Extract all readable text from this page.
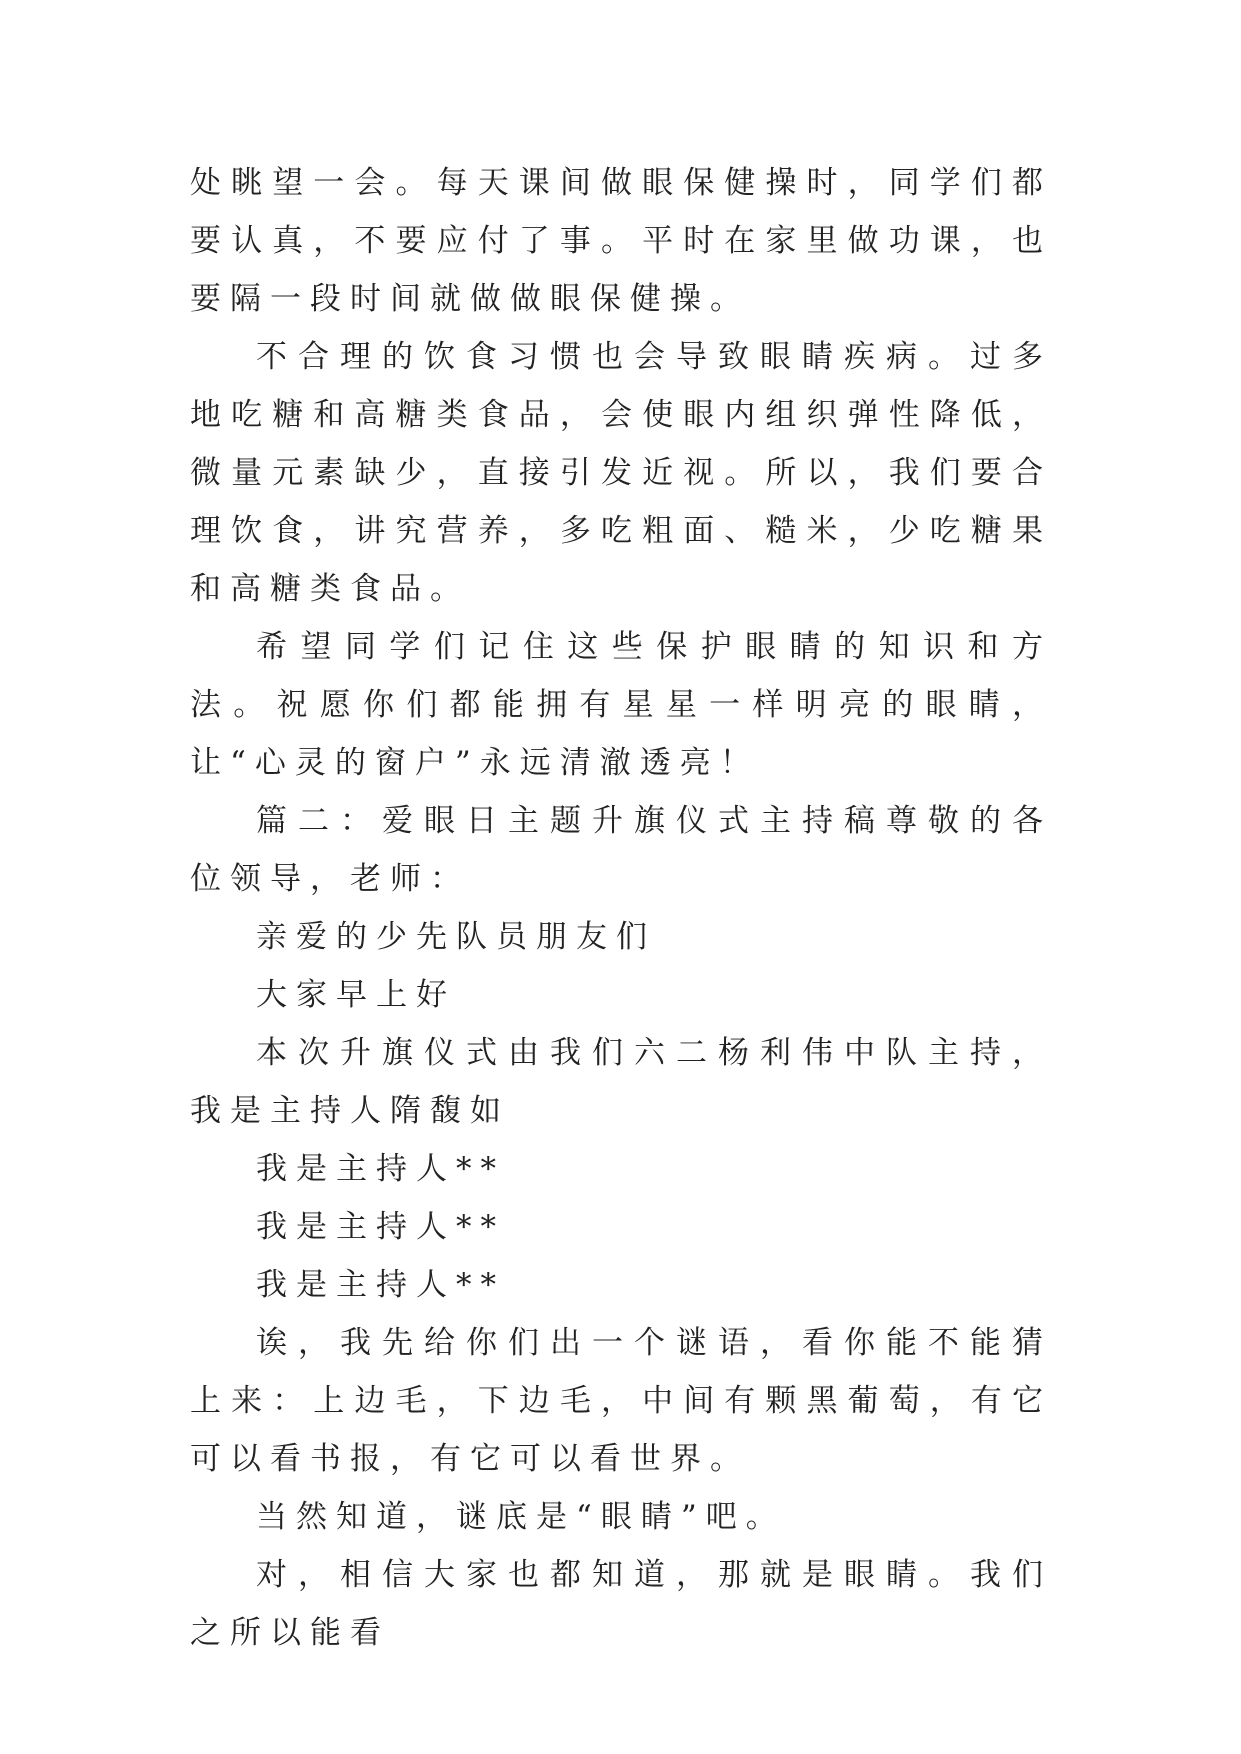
处眺望一会。每天课间做眼保健操时，同学们都要认真，不要应付了事。平时在家里做功课，也要隔一段时间就做做眼保健操。

不合理的饮食习惯也会导致眼睛疾病。过多地吃糖和高糖类食品，会使眼内组织弹性降低，微量元素缺少，直接引发近视。所以，我们要合理饮食，讲究营养，多吃粗面、糙米，少吃糖果和高糖类食品。

希望同学们记住这些保护眼睛的知识和方法。祝愿你们都能拥有星星一样明亮的眼睛，让“心灵的窗户”永远清澈透亮！

篇二：爱眼日主题升旗仪式主持稿尊敬的各位领导，老师：

亲爱的少先队员朋友们

大家早上好

本次升旗仪式由我们六二杨利伟中队主持，我是主持人隋馥如

我是主持人**

我是主持人**

我是主持人**

诶，我先给你们出一个谜语，看你能不能猜上来：上边毛，下边毛，中间有颗黑葡萄，有它可以看书报，有它可以看世界。

当然知道，谜底是“眼睛”吧。

对，相信大家也都知道，那就是眼睛。我们之所以能看
